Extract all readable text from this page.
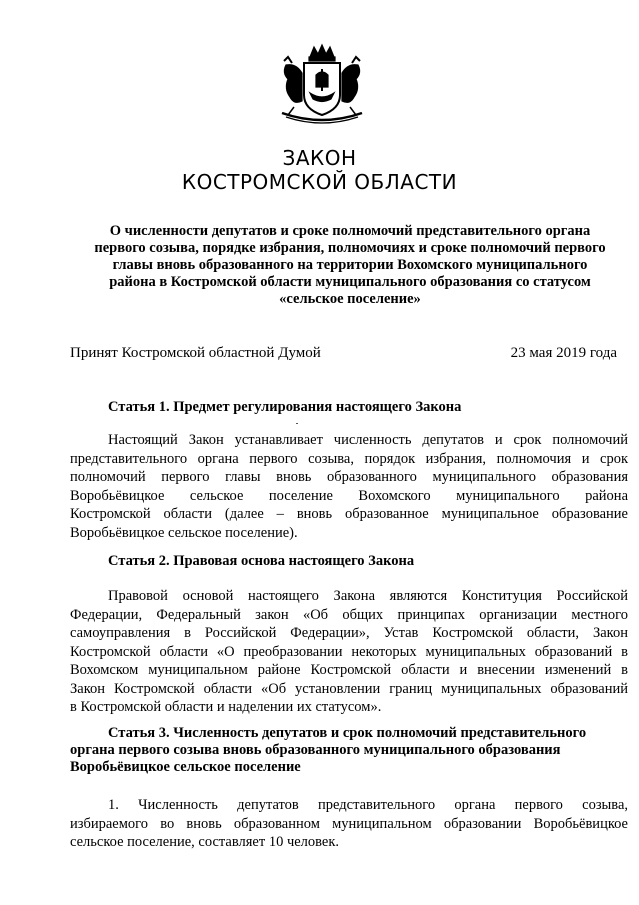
ЗАКОН
КОСТРОМСКОЙ ОБЛАСТИ
О численности депутатов и сроке полномочий представительного органа
первого созыва, порядке избрания, полномочиях и сроке полномочий первого
главы вновь образованного на территории Вохомского муниципального
района в Костромской области муниципального образования со статусом
«сельское поселение»
Принят Костромской областной Думой	23 мая 2019 года
Статья 1. Предмет регулирования настоящего Закона
Настоящий Закон устанавливает численность депутатов и срок полномочий
представительного органа первого созыва, порядок избрания, полномочия и срок
полномочий первого главы вновь образованного муниципального образования
Воробьёвицкое сельское поселение Вохомского муниципального района
Костромской области (далее – вновь образованное муниципальное образование
Воробьёвицкое сельское поселение).
Статья 2. Правовая основа настоящего Закона
Правовой основой настоящего Закона являются Конституция Российской
Федерации, Федеральный закон «Об общих принципах организации местного
самоуправления в Российской Федерации», Устав Костромской области, Закон
Костромской области «О преобразовании некоторых муниципальных образований в
Вохомском муниципальном районе Костромской области и внесении изменений в
Закон Костромской области «Об установлении границ муниципальных образований
в Костромской области и наделении их статусом».
Статья 3. Численность депутатов и срок полномочий представительного
органа первого созыва вновь образованного муниципального образования
Воробьёвицкое сельское поселение
1. Численность депутатов представительного органа первого созыва,
избираемого во вновь образованном муниципальном образовании Воробьёвицкое
сельское поселение, составляет 10 человек.
